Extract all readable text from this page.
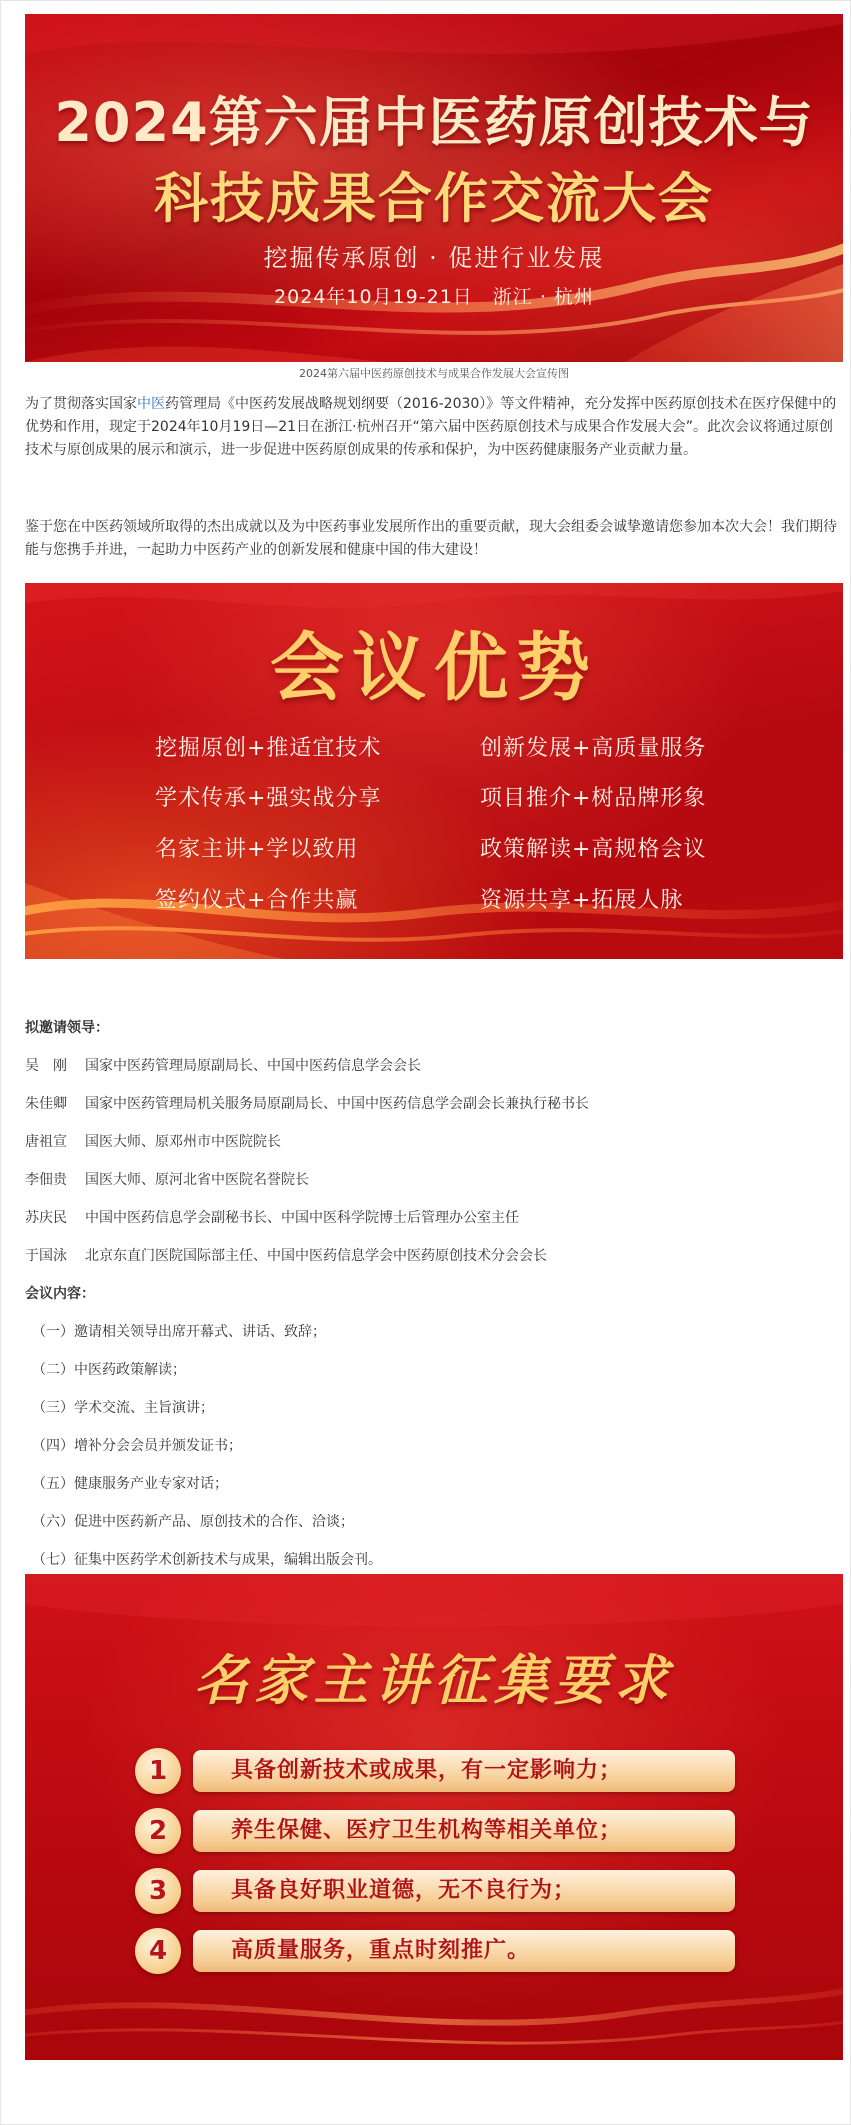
2024第六届中医药原创技术与
科技成果合作交流大会
挖掘传承原创 · 促进行业发展
2024年10月19-21日　浙江 · 杭州
2024第六届中医药原创技术与成果合作发展大会宣传图

为了贯彻落实国家中医药管理局《中医药发展战略规划纲要（2016-2030）》等文件精神，充分发挥中医药原创技术在医疗保健中的优势和作用，现定于2024年10月19日—21日在浙江·杭州召开“第六届中医药原创技术与成果合作发展大会”。此次会议将通过原创技术与原创成果的展示和演示，进一步促进中医药原创成果的传承和保护，为中医药健康服务产业贡献力量。

鉴于您在中医药领域所取得的杰出成就以及为中医药事业发展所作出的重要贡献，现大会组委会诚挚邀请您参加本次大会！我们期待能与您携手并进，一起助力中医药产业的创新发展和健康中国的伟大建设！

会议优势
挖掘原创+推适宜技术	创新发展+高质量服务
学术传承+强实战分享	项目推介+树品牌形象
名家主讲+学以致用	政策解读+高规格会议
签约仪式+合作共赢	资源共享+拓展人脉
拟邀请领导：
吴　刚 国家中医药管理局原副局长、中国中医药信息学会会长
朱佳卿 国家中医药管理局机关服务局原副局长、中国中医药信息学会副会长兼执行秘书长
唐祖宣 国医大师、原邓州市中医院院长
李佃贵 国医大师、原河北省中医院名誉院长
苏庆民 中国中医药信息学会副秘书长、中国中医科学院博士后管理办公室主任
于国泳 北京东直门医院国际部主任、中国中医药信息学会中医药原创技术分会会长
会议内容：
（一）邀请相关领导出席开幕式、讲话、致辞；
（二）中医药政策解读；
（三）学术交流、主旨演讲；
（四）增补分会会员并颁发证书；
（五）健康服务产业专家对话；
（六）促进中医药新产品、原创技术的合作、洽谈；
（七）征集中医药学术创新技术与成果，编辑出版会刊。
名家主讲征集要求
1	具备创新技术或成果，有一定影响力；
2	养生保健、医疗卫生机构等相关单位；
3	具备良好职业道德，无不良行为；
4	高质量服务，重点时刻推广。
